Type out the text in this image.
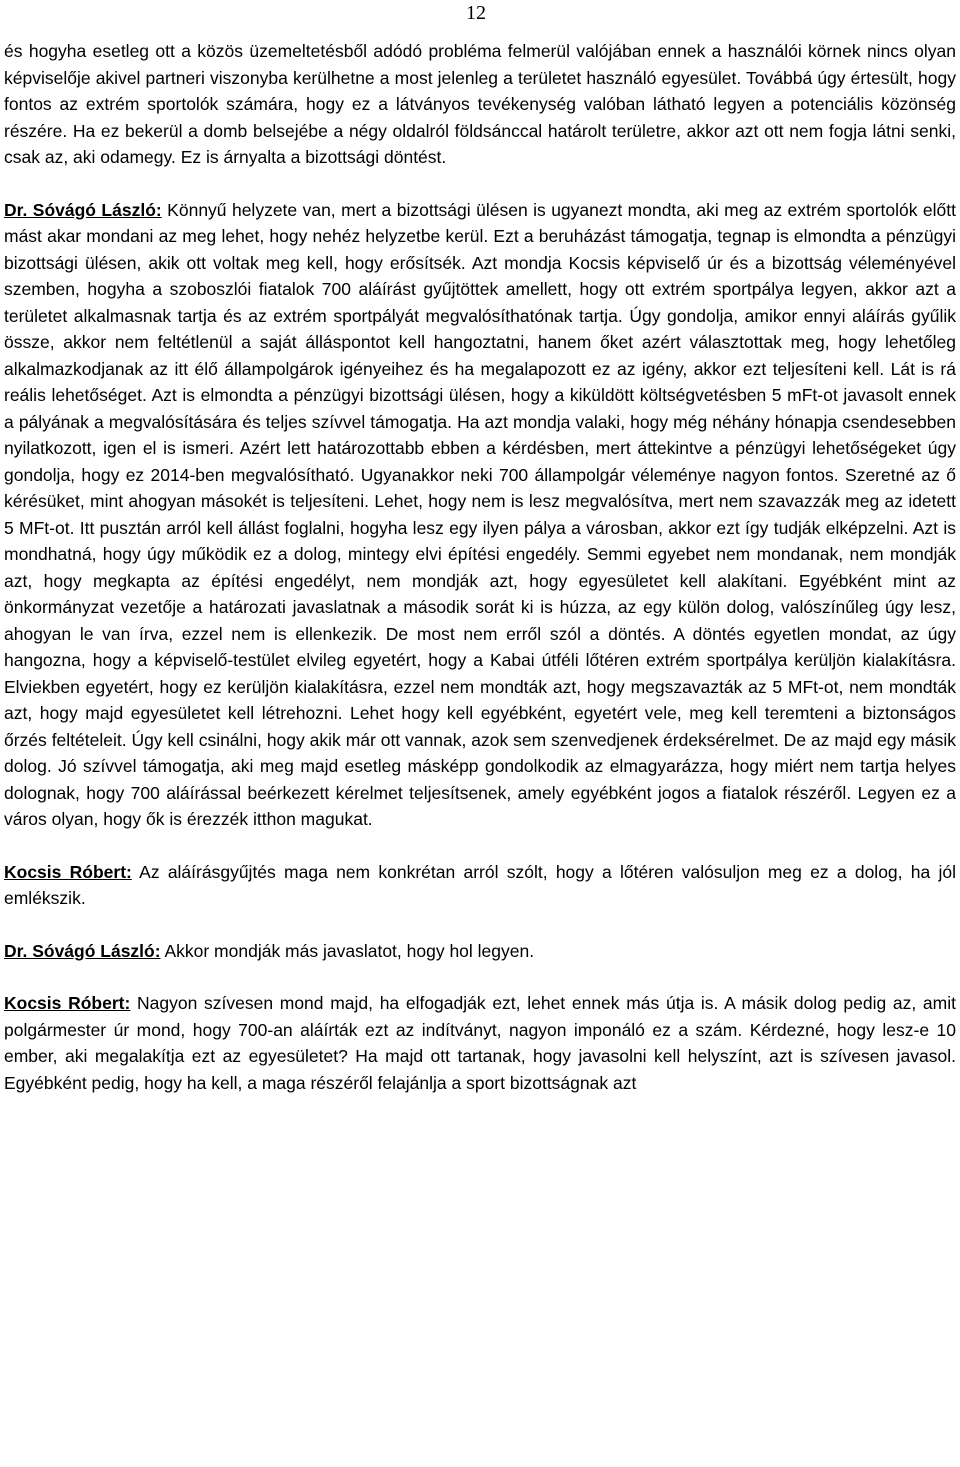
12

és hogyha esetleg ott a közös üzemeltetésből adódó probléma felmerül valójában ennek a használói körnek nincs olyan képviselője akivel partneri viszonyba kerülhetne a most jelenleg a területet használó egyesület. Továbbá úgy értesült, hogy fontos az extrém sportolók számára, hogy ez a látványos tevékenység valóban látható legyen a potenciális közönség részére. Ha ez bekerül a domb belsejébe a négy oldalról földsánccal határolt területre, akkor azt ott nem fogja látni senki, csak az, aki odamegy. Ez is árnyalta a bizottsági döntést.

Dr. Sóvágó László: Könnyű helyzete van, mert a bizottsági ülésen is ugyanezt mondta, aki meg az extrém sportolók előtt mást akar mondani az meg lehet, hogy nehéz helyzetbe kerül. Ezt a beruházást támogatja, tegnap is elmondta a pénzügyi bizottsági ülésen, akik ott voltak meg kell, hogy erősítsék. Azt mondja Kocsis képviselő úr és a bizottság véleményével szemben, hogyha a szoboszlói fiatalok 700 aláírást gyűjtöttek amellett, hogy ott extrém sportpálya legyen, akkor azt a területet alkalmasnak tartja és az extrém sportpályát megvalósíthatónak tartja. Úgy gondolja, amikor ennyi aláírás gyűlik össze, akkor nem feltétlenül a saját álláspontot kell hangoztatni, hanem őket azért választottak meg, hogy lehetőleg alkalmazkodjanak az itt élő állampolgárok igényeihez és ha megalapozott ez az igény, akkor ezt teljesíteni kell. Lát is rá reális lehetőséget. Azt is elmondta a pénzügyi bizottsági ülésen, hogy a kiküldött költségvetésben 5 mFt-ot javasolt ennek a pályának a megvalósítására és teljes szívvel támogatja. Ha azt mondja valaki, hogy még néhány hónapja csendesebben nyilatkozott, igen el is ismeri. Azért lett határozottabb ebben a kérdésben, mert áttekintve a pénzügyi lehetőségeket úgy gondolja, hogy ez 2014-ben megvalósítható. Ugyanakkor neki 700 állampolgár véleménye nagyon fontos. Szeretné az ő kérésüket, mint ahogyan másokét is teljesíteni. Lehet, hogy nem is lesz megvalósítva, mert nem szavazzák meg az idetett 5 MFt-ot. Itt pusztán arról kell állást foglalni, hogyha lesz egy ilyen pálya a városban, akkor ezt így tudják elképzelni. Azt is mondhatná, hogy úgy működik ez a dolog, mintegy elvi építési engedély. Semmi egyebet nem mondanak, nem mondják azt, hogy megkapta az építési engedélyt, nem mondják azt, hogy egyesületet kell alakítani. Egyébként mint az önkormányzat vezetője a határozati javaslatnak a második sorát ki is húzza, az egy külön dolog, valószínűleg úgy lesz, ahogyan le van írva, ezzel nem is ellenkezik. De most nem erről szól a döntés. A döntés egyetlen mondat, az úgy hangozna, hogy a képviselő-testület elvileg egyetért, hogy a Kabai útféli lőtéren extrém sportpálya kerüljön kialakításra. Elviekben egyetért, hogy ez kerüljön kialakításra, ezzel nem mondták azt, hogy megszavazták az 5 MFt-ot, nem mondták azt, hogy majd egyesületet kell létrehozni. Lehet hogy kell egyébként, egyetért vele, meg kell teremteni a biztonságos őrzés feltételeit. Úgy kell csinálni, hogy akik már ott vannak, azok sem szenvedjenek érdeksérelmet. De az majd egy másik dolog. Jó szívvel támogatja, aki meg majd esetleg másképp gondolkodik az elmagyarázza, hogy miért nem tartja helyes dolognak, hogy 700 aláírással beérkezett kérelmet teljesítsenek, amely egyébként jogos a fiatalok részéről. Legyen ez a város olyan, hogy ők is érezzék itthon magukat.

Kocsis Róbert: Az aláírásgyűjtés maga nem konkrétan arról szólt, hogy a lőtéren valósuljon meg ez a dolog, ha jól emlékszik.

Dr. Sóvágó László: Akkor mondják más javaslatot, hogy hol legyen.

Kocsis Róbert: Nagyon szívesen mond majd, ha elfogadják ezt, lehet ennek más útja is. A másik dolog pedig az, amit polgármester úr mond, hogy 700-an aláírták ezt az indítványt, nagyon imponáló ez a szám. Kérdezné, hogy lesz-e 10 ember, aki megalakítja ezt az egyesületet? Ha majd ott tartanak, hogy javasolni kell helyszínt, azt is szívesen javasol. Egyébként pedig, hogy ha kell, a maga részéről felajánlja a sport bizottságnak azt
